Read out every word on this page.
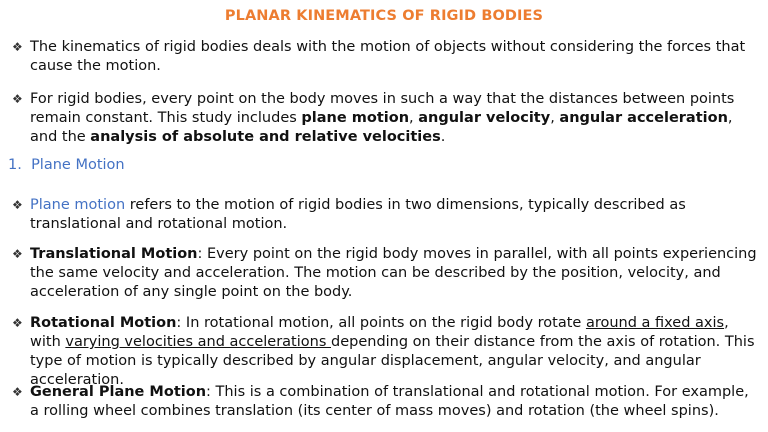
PLANAR KINEMATICS OF RIGID BODIES
❖ The kinematics of rigid bodies deals with the motion of objects without considering the forces that cause the motion.
❖ For rigid bodies, every point on the body moves in such a way that the distances between points remain constant. This study includes plane motion, angular velocity, angular acceleration, and the analysis of absolute and relative velocities.
1. Plane Motion
❖ Plane motion refers to the motion of rigid bodies in two dimensions, typically described as translational and rotational motion.
❖ Translational Motion: Every point on the rigid body moves in parallel, with all points experiencing the same velocity and acceleration. The motion can be described by the position, velocity, and acceleration of any single point on the body.
❖ Rotational Motion: In rotational motion, all points on the rigid body rotate around a fixed axis, with varying velocities and accelerations depending on their distance from the axis of rotation. This type of motion is typically described by angular displacement, angular velocity, and angular acceleration.
❖ General Plane Motion: This is a combination of translational and rotational motion. For example, a rolling wheel combines translation (its center of mass moves) and rotation (the wheel spins).
